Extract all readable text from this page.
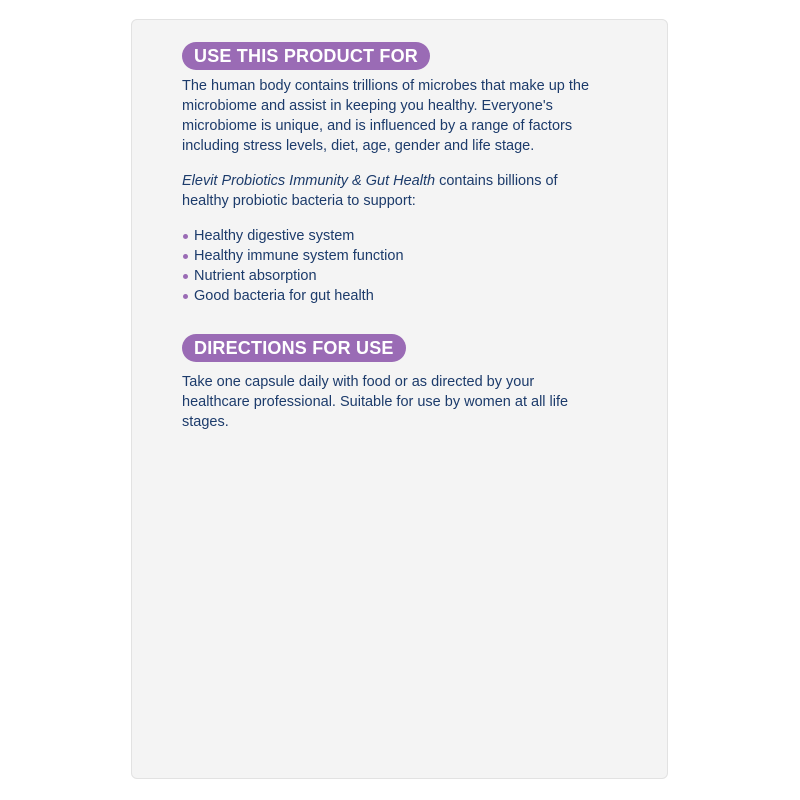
USE THIS PRODUCT FOR

The human body contains trillions of microbes that make up the microbiome and assist in keeping you healthy. Everyone's microbiome is unique, and is influenced by a range of factors including stress levels, diet, age, gender and life stage.

Elevit Probiotics Immunity & Gut Health contains billions of healthy probiotic bacteria to support:

Healthy digestive system
Healthy immune system function
Nutrient absorption
Good bacteria for gut health
DIRECTIONS FOR USE

Take one capsule daily with food or as directed by your healthcare professional. Suitable for use by women at all life stages.
